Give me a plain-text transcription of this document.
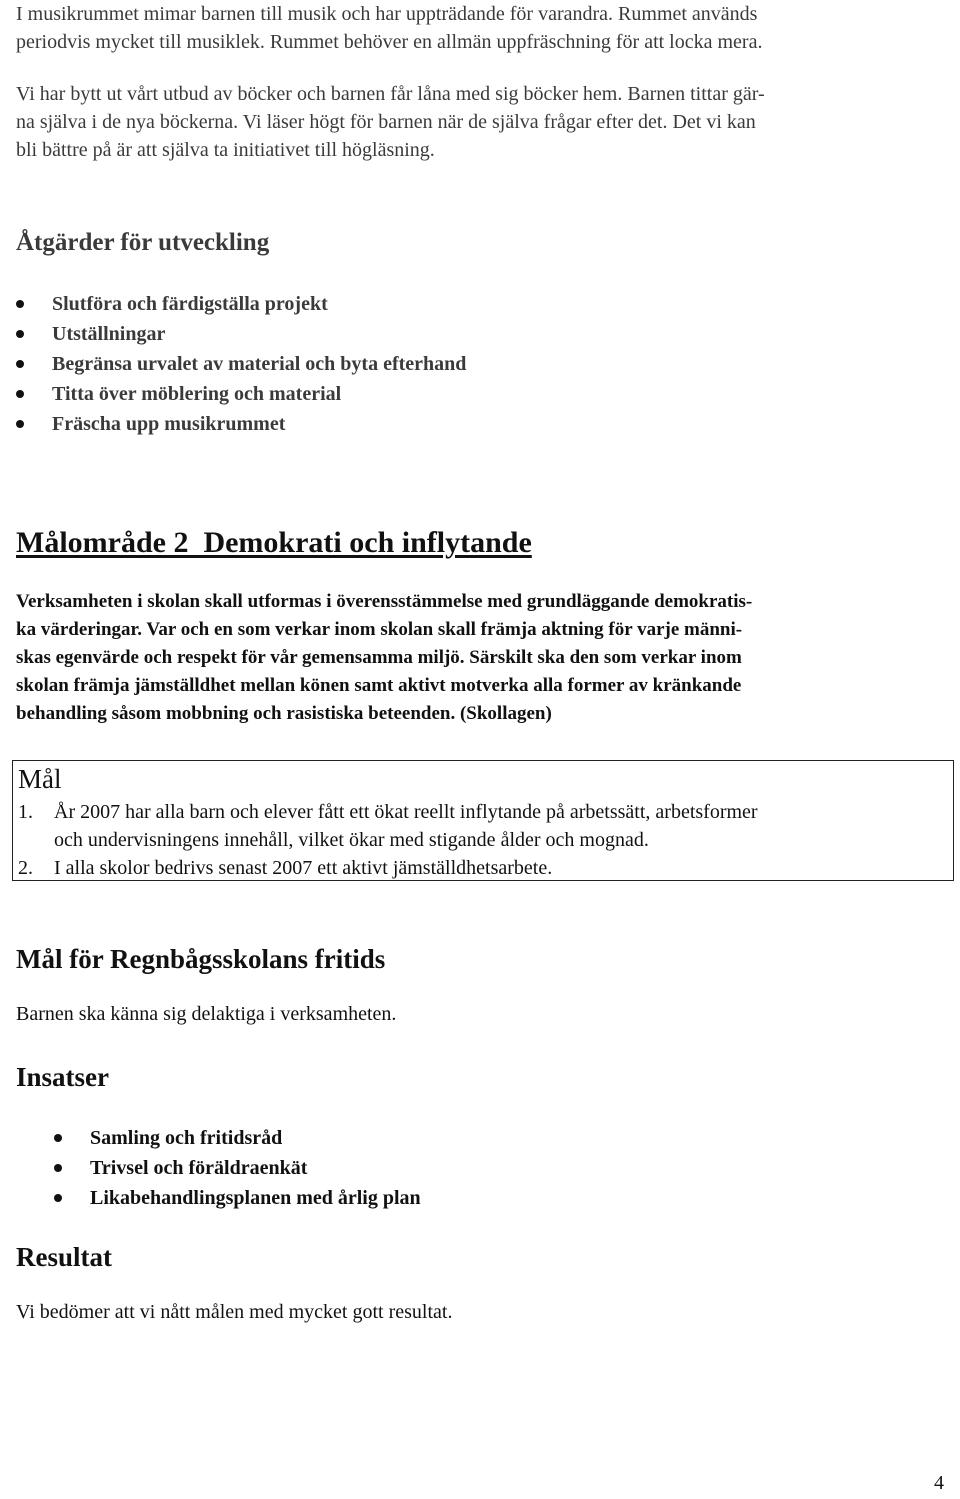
I musikrummet mimar barnen till musik och har uppträdande för varandra. Rummet används

periodvis mycket till musiklek. Rummet behöver en allmän uppfräschning för att locka mera.

Vi har bytt ut vårt utbud av böcker och barnen får låna med sig böcker hem. Barnen tittar gär-

na själva i de nya böckerna. Vi läser högt för barnen när de själva frågar efter det. Det vi kan

bli bättre på är att själva ta initiativet till högläsning.

Åtgärder för utveckling
Slutföra och färdigställa projekt
Utställningar
Begränsa urvalet av material och byta efterhand
Titta över möblering och material
Fräscha upp musikrummet
Målområde 2  Demokrati och inflytande

Verksamheten i skolan skall utformas i överensstämmelse med grundläggande demokratis-

ka värderingar. Var och en som verkar inom skolan skall främja aktning för varje männi-

skas egenvärde och respekt för vår gemensamma miljö. Särskilt ska den som verkar inom

skolan främja jämställdhet mellan könen samt aktivt motverka alla former av kränkande

behandling såsom mobbning och rasistiska beteenden. (Skollagen)

Mål
1.	År 2007 har alla barn och elever fått ett ökat reellt inflytande på arbetssätt, arbetsformer
och undervisningens innehåll, vilket ökar med stigande ålder och mognad.
2.	I alla skolor bedrivs senast 2007 ett aktivt jämställdhetsarbete.
Mål för Regnbågsskolans fritids

Barnen ska känna sig delaktiga i verksamheten.

Insatser
Samling och fritidsråd
Trivsel och föräldraenkät
Likabehandlingsplanen med årlig plan
Resultat

Vi bedömer att vi nått målen med mycket gott resultat.

4
